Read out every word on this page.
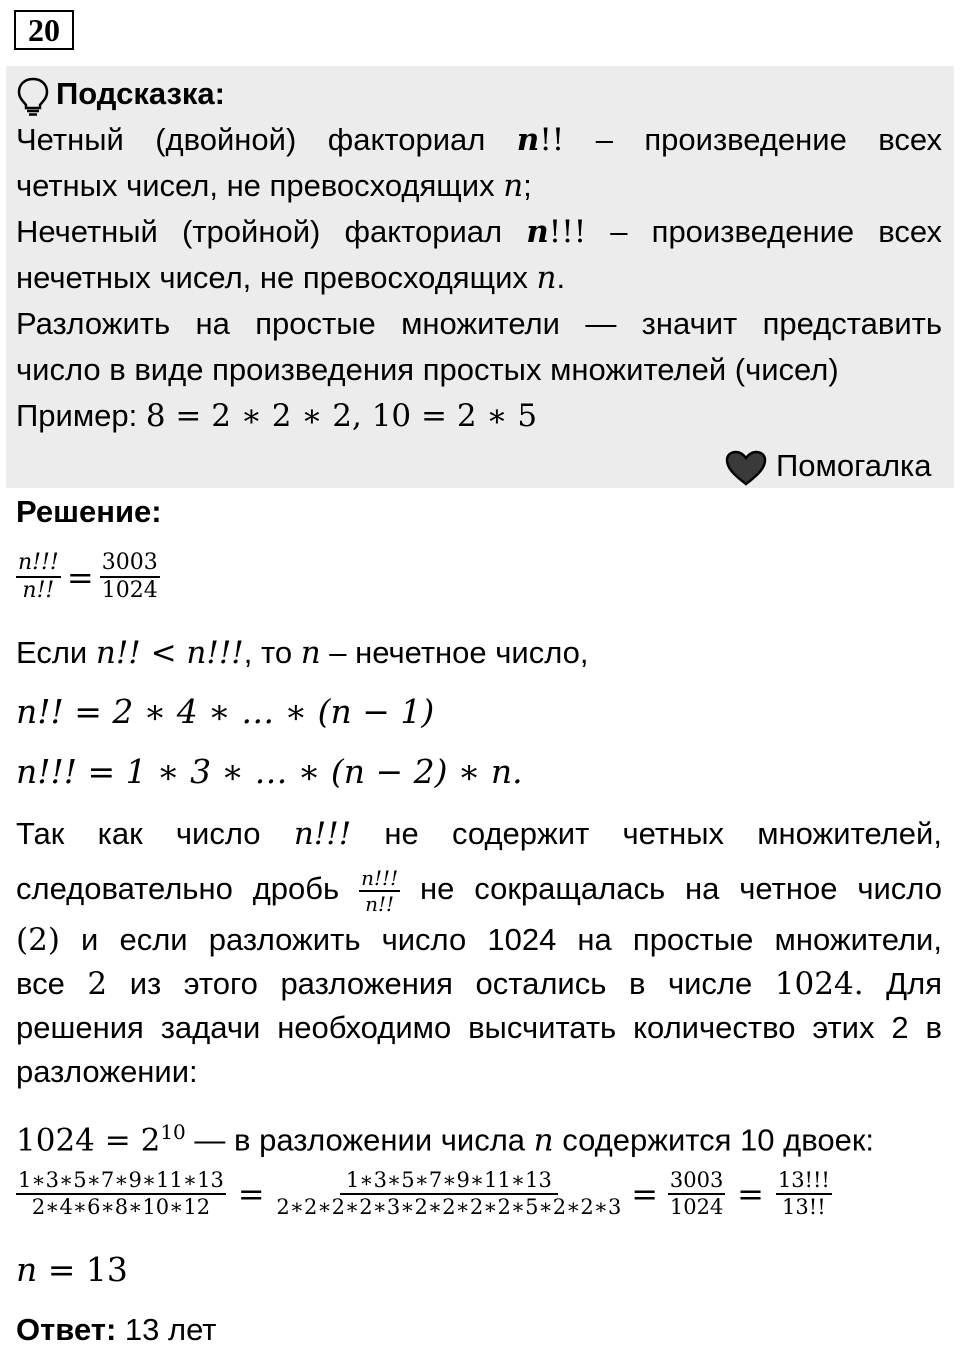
20
Подсказка:
Четный (двойной) факториал n!! – произведение всех
четных чисел, не превосходящих n;
Нечетный (тройной) факториал n!!! – произведение всех
нечетных чисел, не превосходящих n.
Разложить на простые множители — значит представить
число в виде произведения простых множителей (чисел)
Пример: 8 = 2 ∗ 2 ∗ 2, 10 = 2 ∗ 5
Помогалка
Решение:
$\frac{n!!!}{n!!} = \frac{3003}{1024}$
Если n!! < n!!!, то n – нечетное число,
n!! = 2 ∗ 4 ∗ … ∗ (n − 1)
n!!! = 1 ∗ 3 ∗ … ∗ (n − 2) ∗ n.
Так как число n!!! не содержит четных множителей,
следовательно дробь $\frac{n!!!}{n!!}$ не сокращалась на четное число
(2) и если разложить число 1024 на простые множители,
все 2 из этого разложения остались в числе 1024. Для
решения задачи необходимо высчитать количество этих 2 в
разложении:
$1024 = 2^{10}$ — в разложении числа n содержится 10 двоек:
$\frac{1∗3∗5∗7∗9∗11∗13}{2∗4∗6∗8∗10∗12} = \frac{1∗3∗5∗7∗9∗11∗13}{2∗2∗2∗2∗3∗2∗2∗2∗2∗5∗2∗2∗3} = \frac{3003}{1024} = \frac{13!!!}{13!!}$
n = 13
Ответ: 13 лет
